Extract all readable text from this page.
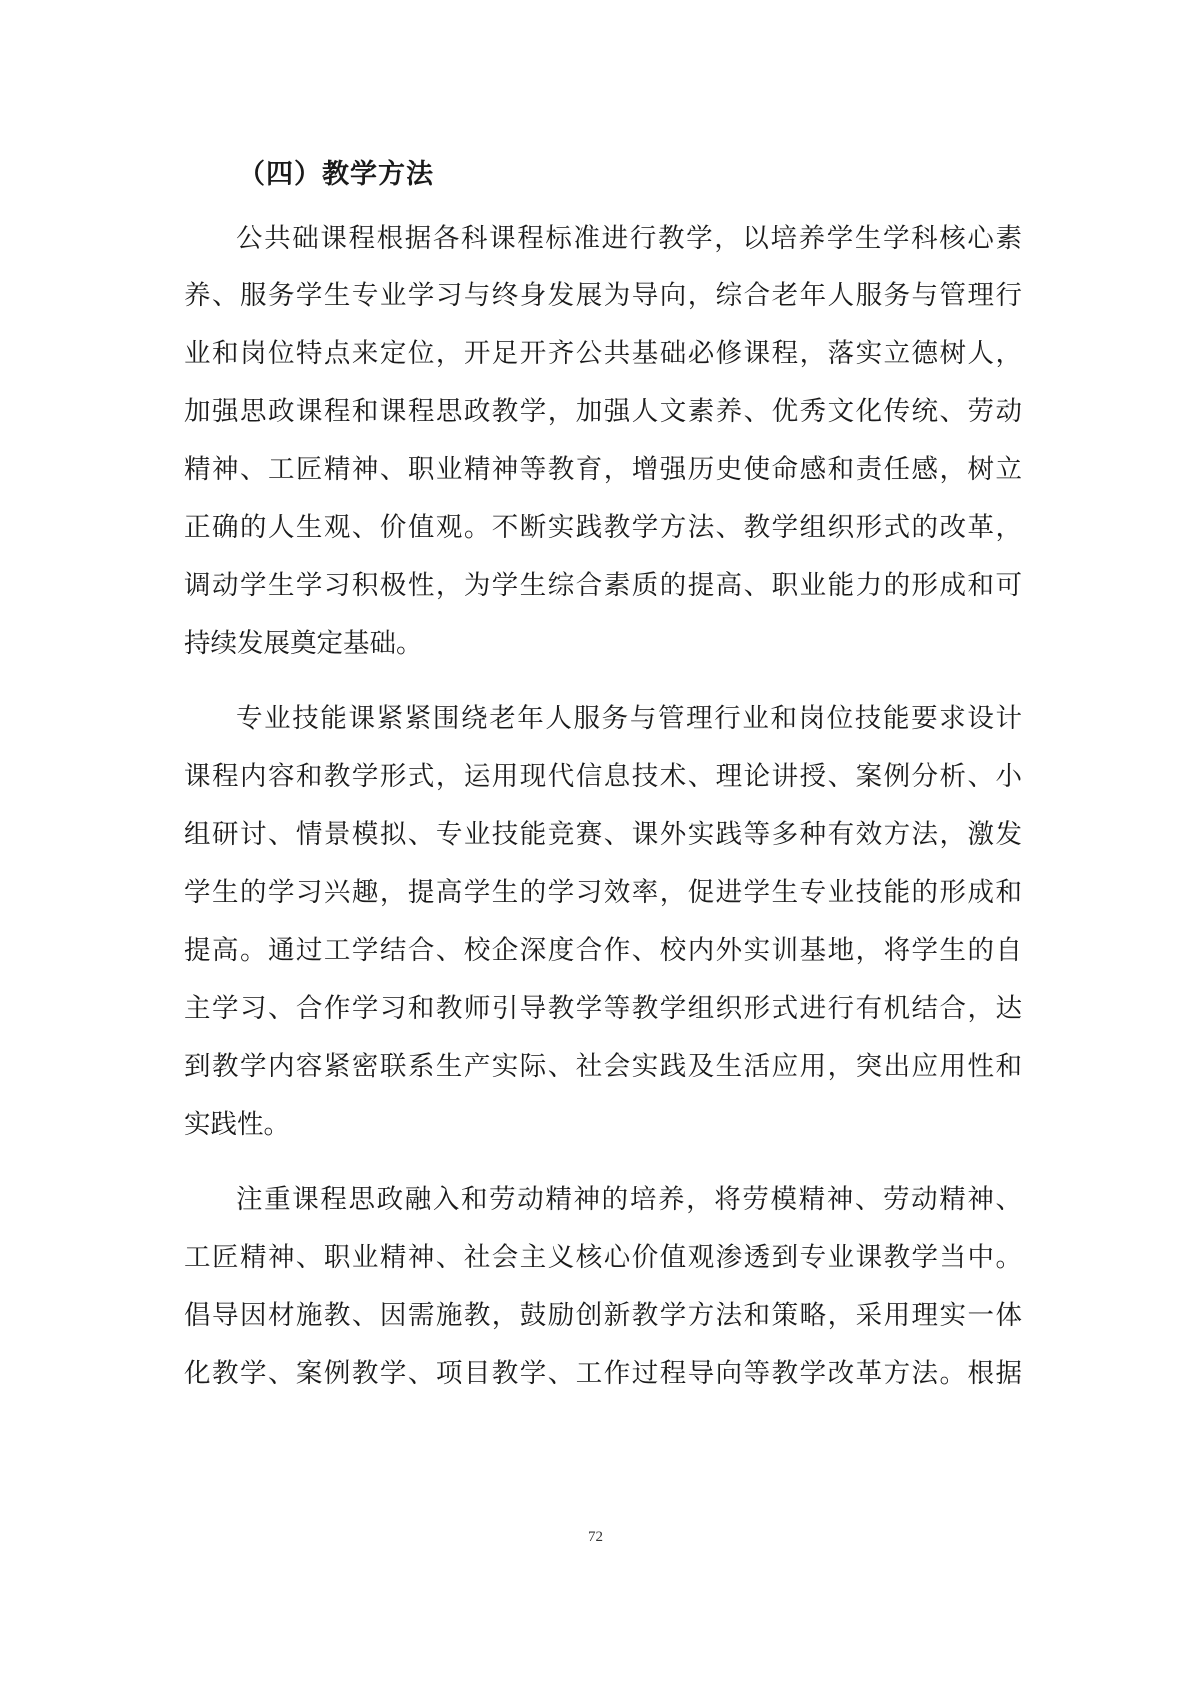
（四）教学方法
公共础课程根据各科课程标准进行教学，以培养学生学科核心素
养、服务学生专业学习与终身发展为导向，综合老年人服务与管理行
业和岗位特点来定位，开足开齐公共基础必修课程，落实立德树人，
加强思政课程和课程思政教学，加强人文素养、优秀文化传统、劳动
精神、工匠精神、职业精神等教育，增强历史使命感和责任感，树立
正确的人生观、价值观。不断实践教学方法、教学组织形式的改革，
调动学生学习积极性，为学生综合素质的提高、职业能力的形成和可
持续发展奠定基础。
专业技能课紧紧围绕老年人服务与管理行业和岗位技能要求设计
课程内容和教学形式，运用现代信息技术、理论讲授、案例分析、小
组研讨、情景模拟、专业技能竞赛、课外实践等多种有效方法，激发
学生的学习兴趣，提高学生的学习效率，促进学生专业技能的形成和
提高。通过工学结合、校企深度合作、校内外实训基地，将学生的自
主学习、合作学习和教师引导教学等教学组织形式进行有机结合，达
到教学内容紧密联系生产实际、社会实践及生活应用，突出应用性和
实践性。
注重课程思政融入和劳动精神的培养，将劳模精神、劳动精神、
工匠精神、职业精神、社会主义核心价值观渗透到专业课教学当中。
倡导因材施教、因需施教，鼓励创新教学方法和策略，采用理实一体
化教学、案例教学、项目教学、工作过程导向等教学改革方法。根据
72
